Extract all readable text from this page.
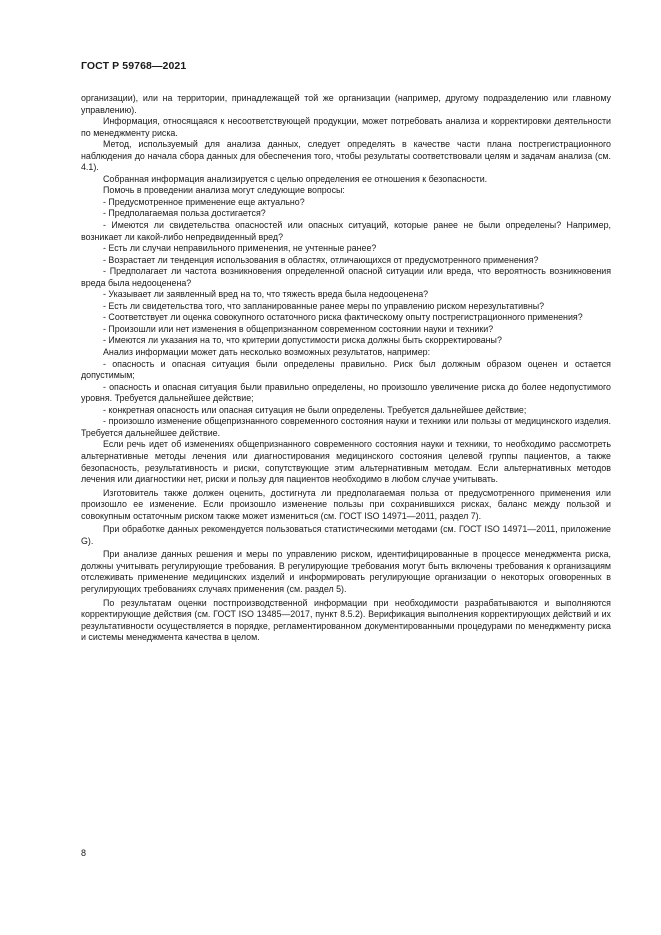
ГОСТ Р 59768—2021

организации), или на территории, принадлежащей той же организации (например, другому подразделению или главному управлению).

Информация, относящаяся к несоответствующей продукции, может потребовать анализа и корректировки деятельности по менеджменту риска.

Метод, используемый для анализа данных, следует определять в качестве части плана пострегистрационного наблюдения до начала сбора данных для обеспечения того, чтобы результаты соответствовали целям и задачам анализа (см. 4.1).

Собранная информация анализируется с целью определения ее отношения к безопасности.

Помочь в проведении анализа могут следующие вопросы:

- Предусмотренное применение еще актуально?

- Предполагаемая польза достигается?

- Имеются ли свидетельства опасностей или опасных ситуаций, которые ранее не были определены? Например, возникает ли какой-либо непредвиденный вред?

- Есть ли случаи неправильного применения, не учтенные ранее?

- Возрастает ли тенденция использования в областях, отличающихся от предусмотренного применения?

- Предполагает ли частота возникновения определенной опасной ситуации или вреда, что вероятность возникновения вреда была недооценена?

- Указывает ли заявленный вред на то, что тяжесть вреда была недооценена?

- Есть ли свидетельства того, что запланированные ранее меры по управлению риском нерезультативны?

- Соответствует ли оценка совокупного остаточного риска фактическому опыту пострегистрационного применения?

- Произошли или нет изменения в общепризнанном современном состоянии науки и техники?

- Имеются ли указания на то, что критерии допустимости риска должны быть скорректированы?

Анализ информации может дать несколько возможных результатов, например:

- опасность и опасная ситуация были определены правильно. Риск был должным образом оценен и остается допустимым;

- опасность и опасная ситуация были правильно определены, но произошло увеличение риска до более недопустимого уровня. Требуется дальнейшее действие;

- конкретная опасность или опасная ситуация не были определены. Требуется дальнейшее действие;

- произошло изменение общепризнанного современного состояния науки и техники или пользы от медицинского изделия. Требуется дальнейшее действие.

Если речь идет об изменениях общепризнанного современного состояния науки и техники, то необходимо рассмотреть альтернативные методы лечения или диагностирования медицинского состояния целевой группы пациентов, а также безопасность, результативность и риски, сопутствующие этим альтернативным методам. Если альтернативных методов лечения или диагностики нет, риски и пользу для пациентов необходимо в любом случае учитывать.

Изготовитель также должен оценить, достигнута ли предполагаемая польза от предусмотренного применения или произошло ее изменение. Если произошло изменение пользы при сохранившихся рисках, баланс между пользой и совокупным остаточным риском также может измениться (см. ГОСТ ISO 14971—2011, раздел 7).

При обработке данных рекомендуется пользоваться статистическими методами (см. ГОСТ ISO 14971—2011, приложение G).

При анализе данных решения и меры по управлению риском, идентифицированные в процессе менеджмента риска, должны учитывать регулирующие требования. В регулирующие требования могут быть включены требования к организациям отслеживать применение медицинских изделий и информировать регулирующие организации о некоторых оговоренных в регулирующих требованиях случаях применения (см. раздел 5).

По результатам оценки постпроизводственной информации при необходимости разрабатываются и выполняются корректирующие действия (см. ГОСТ ISO 13485—2017, пункт 8.5.2). Верификация выполнения корректирующих действий и их результативности осуществляется в порядке, регламентированном документированными процедурами по менеджменту риска и системы менеджмента качества в целом.

8
